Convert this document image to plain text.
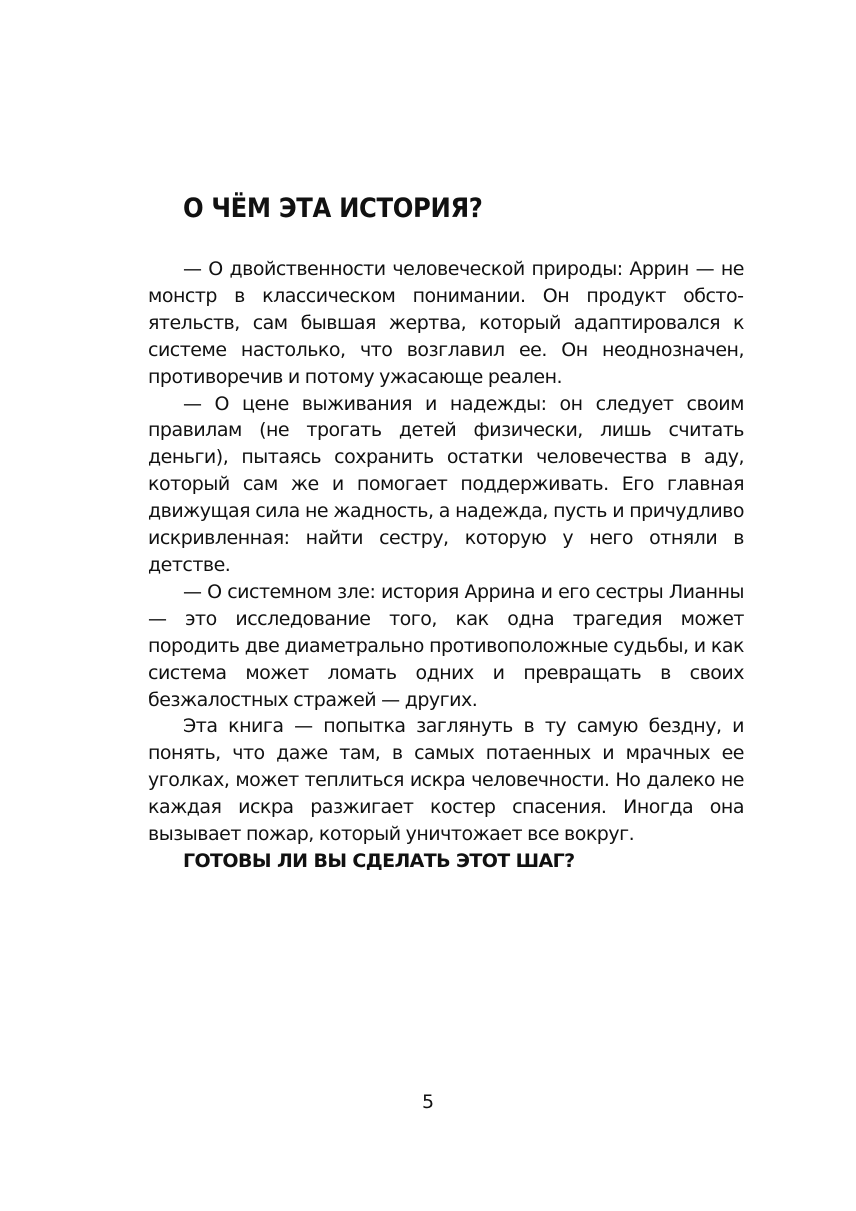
О ЧЁМ ЭТА ИСТОРИЯ?

— О двойственности человеческой природы: Аррин — не монстр в классическом понимании. Он продукт обстоятельств, сам бывшая жертва, который адаптировался к системе настолько, что возглавил ее. Он неоднозначен, противоречив и потому ужасающе реален.

— О цене выживания и надежды: он следует своим правилам (не трогать детей физически, лишь считать деньги), пытаясь сохранить остатки человечества в аду, который сам же и помогает поддерживать. Его главная движущая сила не жадность, а надежда, пусть и причудливо искривленная: найти сестру, которую у него отняли в детстве.

— О системном зле: история Аррина и его сестры Лианны — это исследование того, как одна трагедия может породить две диаметрально противоположные судьбы, и как система может ломать одних и превращать в своих безжалостных стражей — других.

Эта книга — попытка заглянуть в ту самую бездну, и понять, что даже там, в самых потаенных и мрачных ее уголках, может теплиться искра человечности. Но далеко не каждая искра разжигает костер спасения. Иногда она вызывает пожар, который уничтожает все вокруг.

ГОТОВЫ ЛИ ВЫ СДЕЛАТЬ ЭТОТ ШАГ?

5
